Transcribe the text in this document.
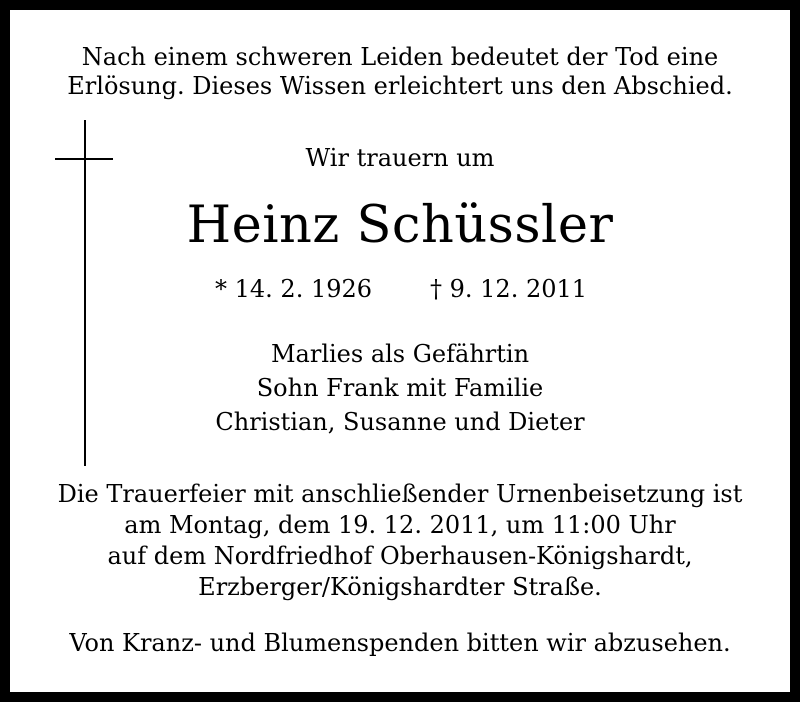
Nach einem schweren Leiden bedeutet der Tod eine
Erlösung. Dieses Wissen erleichtert uns den Abschied.
Wir trauern um
Heinz Schüssler
* 14. 2. 1926 † 9. 12. 2011
Marlies als Gefährtin
Sohn Frank mit Familie
Christian, Susanne und Dieter
Die Trauerfeier mit anschließender Urnenbeisetzung ist
am Montag, dem 19. 12. 2011, um 11:00 Uhr
auf dem Nordfriedhof Oberhausen-Königshardt,
Erzberger/Königshardter Straße.
Von Kranz- und Blumenspenden bitten wir abzusehen.
